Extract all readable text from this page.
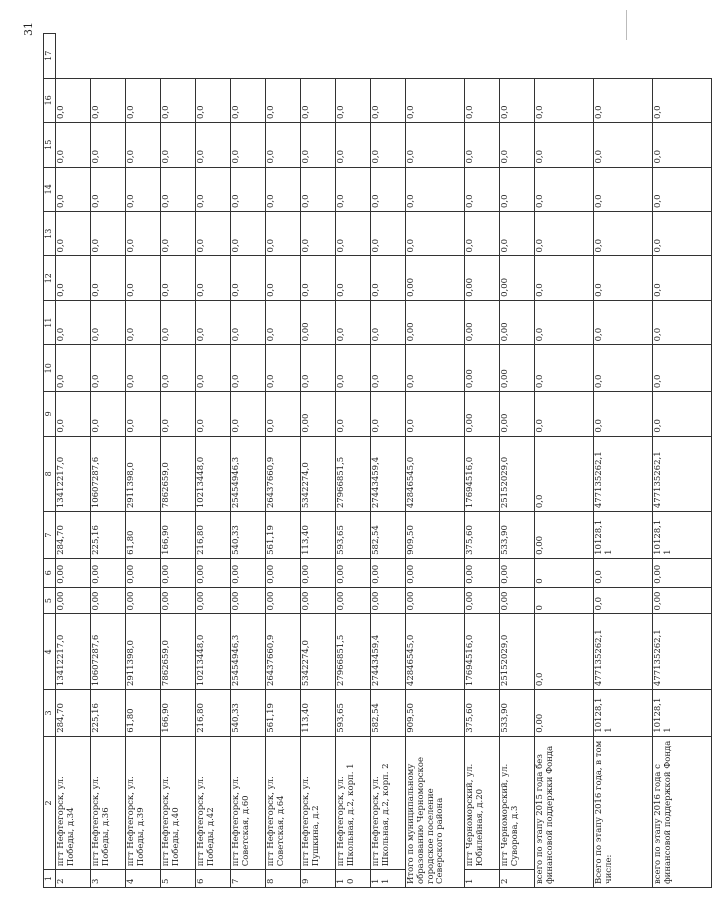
31
1	2	3	4	5	6	7	8	9	10	11	12	13	14	15	16	17
2	пгт Нефтегорск, ул. Победы, д.34	284,70	13412217,0	0,00	0,00	284,70	13412217,0	0,0	0,0	0,0	0,0	0,0	0,0	0,0	0,0	
3	пгт Нефтегорск, ул. Победы, д.36	225,16	10607287,6	0,00	0,00	225,16	10607287,6	0,0	0,0	0,0	0,0	0,0	0,0	0,0	0,0	
4	пгт Нефтегорск, ул. Победы, д.39	61,80	2911398,0	0,00	0,00	61,80	2911398,0	0,0	0,0	0,0	0,0	0,0	0,0	0,0	0,0	
5	пгт Нефтегорск, ул. Победы, д.40	166,90	7862659,0	0,00	0,00	166,90	7862659,0	0,0	0,0	0,0	0,0	0,0	0,0	0,0	0,0	
6	пгт Нефтегорск, ул. Победы, д.42	216,80	10213448,0	0,00	0,00	216,80	10213448,0	0,0	0,0	0,0	0,0	0,0	0,0	0,0	0,0	
7	пгт Нефтегорск, ул. Советская, д.60	540,33	25454946,3	0,00	0,00	540,33	25454946,3	0,0	0,0	0,0	0,0	0,0	0,0	0,0	0,0	
8	пгт Нефтегорск, ул. Советская, д.64	561,19	26437660,9	0,00	0,00	561,19	26437660,9	0,0	0,0	0,0	0,0	0,0	0,0	0,0	0,0	
9	пгт Нефтегорск, ул. Пушкина, д.2	113,40	5342274,0	0,00	0,00	113,40	5342274,0	0,00	0,0	0,00	0,0	0,0	0,0	0,0	0,0	
10	пгт Нефтегорск, ул. Школьная, д.2, корп. 1	593,65	27966851,5	0,00	0,00	593,65	27966851,5	0,0	0,0	0,0	0,0	0,0	0,0	0,0	0,0	
11	пгт Нефтегорск, ул. Школьная, д.2, корп. 2	582,54	27443459,4	0,00	0,00	582,54	27443459,4	0,0	0,0	0,0	0,0	0,0	0,0	0,0	0,0	
Итого по муниципальному образованию Черноморское городское поселение Северского района		909,50	42846545,0	0,00	0,00	909,50	42846545,0	0,0	0,0	0,00	0,00	0,0	0,0	0,0	0,0	
1	пгт Черноморский, ул. Юбилейная, д.20	375,60	17694516,0	0,00	0,00	375,60	17694516,0	0,00	0,00	0,00	0,00	0,0	0,0	0,0	0,0	
2	пгт Черноморский, ул. Суворова, д.3	533,90	25152029,0	0,00	0,00	533,90	25152029,0	0,00	0,00	0,00	0,00	0,0	0,0	0,0	0,0	
всего по этапу 2015 года без финансовой поддержки Фонда		0,00	0,0	0	0	0,00	0,0	0,0	0,0	0,0	0,0	0,0	0,0	0,0	0,0	
Всего по этапу 2016 года, в том числе:		10128,11	477135262,1	0,0	0,0	10128,11	477135262,1	0,0	0,0	0,0	0,0	0,0	0,0	0,0	0,0	
всего по этапу 2016 года с финансовой поддержкой Фонда		10128,11	477135262,1	0,00	0,00	10128,11	477135262,1	0,0	0,0	0,0	0,0	0,0	0,0	0,0	0,0	
